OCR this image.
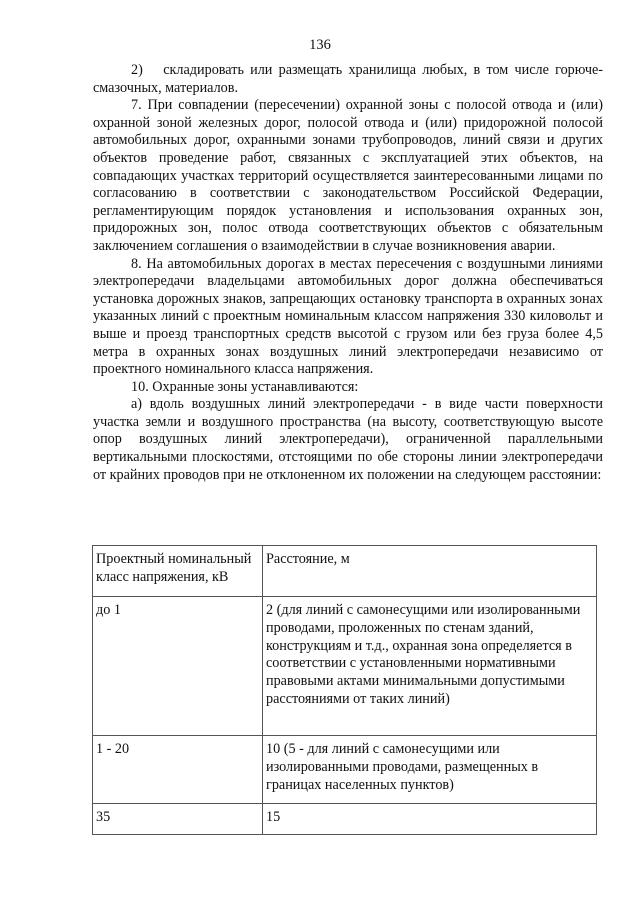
136

2)  складировать или размещать хранилища любых, в том числе горюче-смазочных, материалов.

7. При совпадении (пересечении) охранной зоны с полосой отвода и (или) охранной зоной железных дорог, полосой отвода и (или) придорожной полосой автомобильных дорог, охранными зонами трубопроводов, линий связи и других объектов проведение работ, связанных с эксплуатацией этих объектов, на совпадающих участках территорий осуществляется заинтересованными лицами по согласованию в соответствии с законодательством Российской Федерации, регламентирующим порядок установления и использования охранных зон, придорожных зон, полос отвода соответствующих объектов с обязательным заключением соглашения о взаимодействии в случае возникновения аварии.

8. На автомобильных дорогах в местах пересечения с воздушными линиями электропередачи владельцами автомобильных дорог должна обеспечиваться установка дорожных знаков, запрещающих остановку транспорта в охранных зонах указанных линий с проектным номинальным классом напряжения 330 киловольт и выше и проезд транспортных средств высотой с грузом или без груза более 4,5 метра в охранных зонах воздушных линий электропередачи независимо от проектного номинального класса напряжения.

10. Охранные зоны устанавливаются:

а) вдоль воздушных линий электропередачи - в виде части поверхности участка земли и воздушного пространства (на высоту, соответствующую высоте опор воздушных линий электропередачи), ограниченной параллельными вертикальными плоскостями, отстоящими по обе стороны линии электропередачи от крайних проводов при не отклоненном их положении на следующем расстоянии:

Проектный номинальный класс напряжения, кВ	Расстояние, м
до 1	2 (для линий с самонесущими или изолированными проводами, проложенных по стенам зданий, конструкциям и т.д., охранная зона определяется в соответствии с установленными нормативными правовыми актами минимальными допустимыми расстояниями от таких линий)
1 - 20	10 (5 - для линий с самонесущими или изолированными проводами, размещенных в границах населенных пунктов)
35	15
